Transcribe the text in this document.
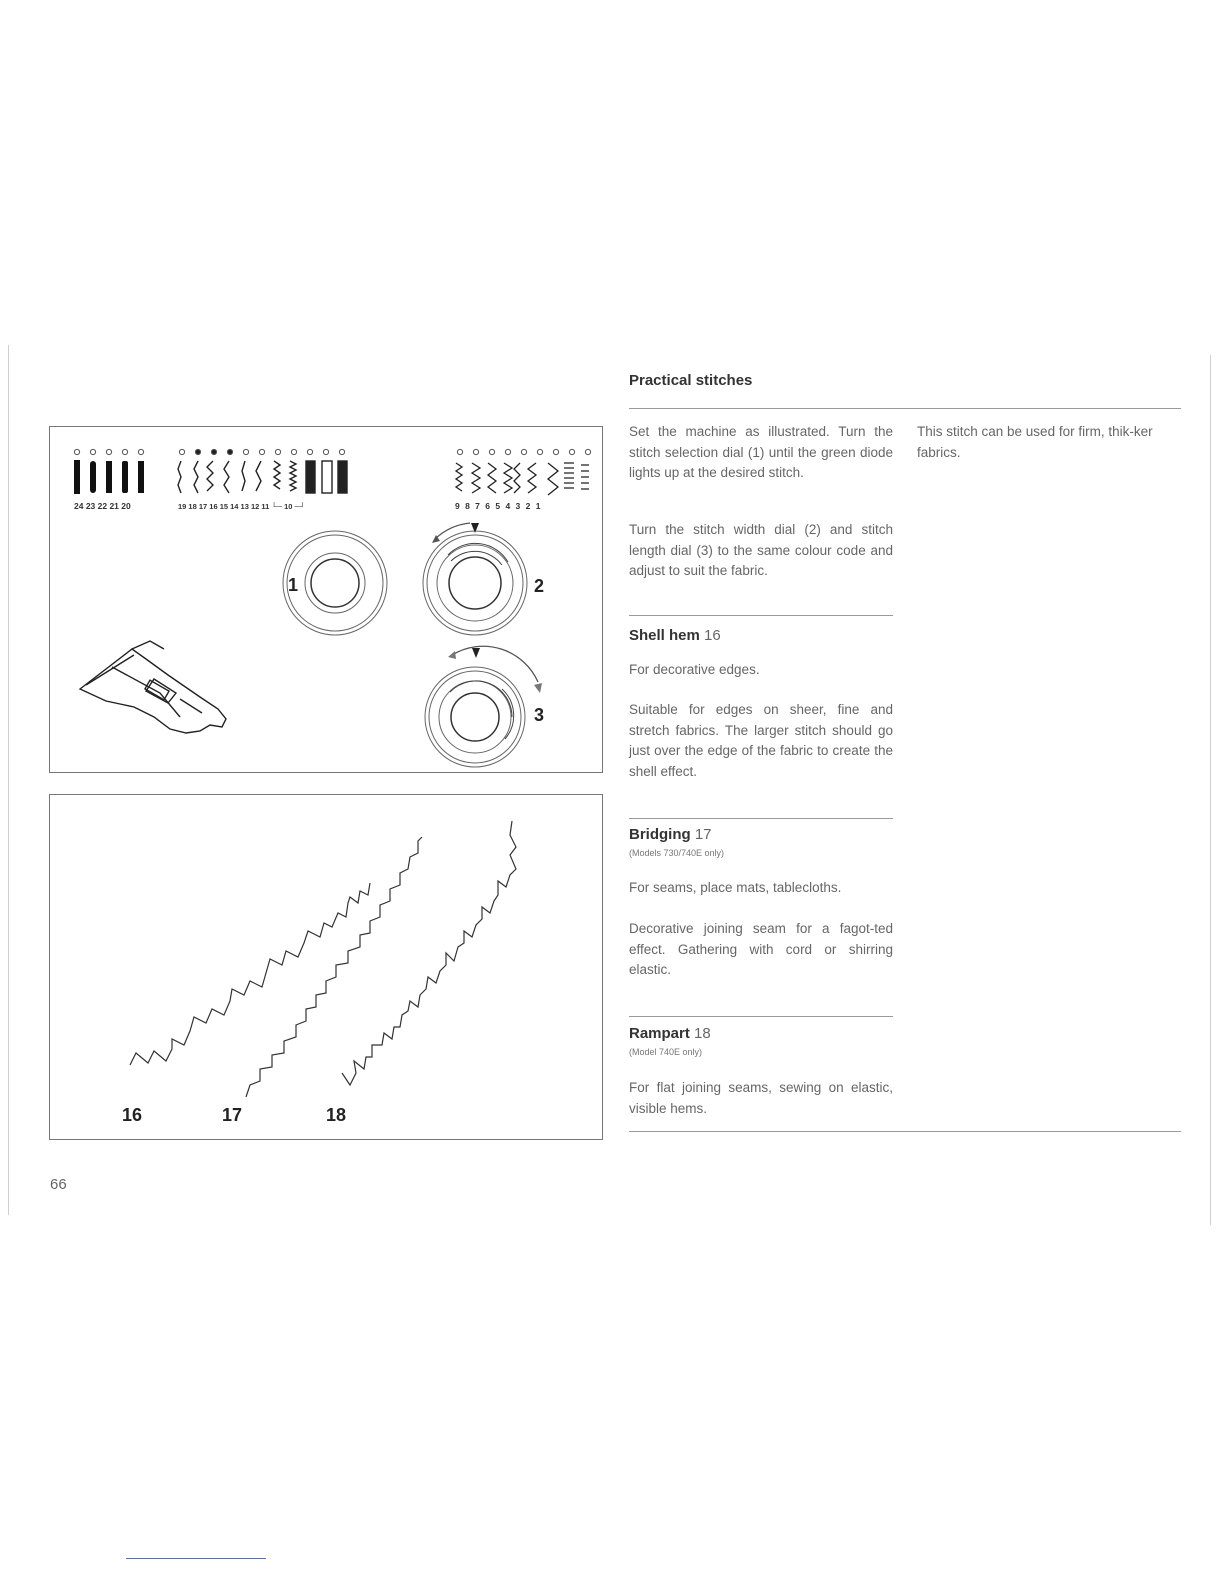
24 23 22 21 20	19 18 17 16 15 14 13 12 11 └─ 10 ─┘	9 8 7 6 5 4 3 2 1
1	2
3
16	17	18
Practical stitches
Set the machine as illustrated. Turn the stitch selection dial (1) until the green diode lights up at the desired stitch.
Turn the stitch width dial (2) and stitch length dial (3) to the same colour code and adjust to suit the fabric.
This stitch can be used for firm, thik-ker fabrics.
Shell hem 16
For decorative edges.
Suitable for edges on sheer, fine and stretch fabrics. The larger stitch should go just over the edge of the fabric to create the shell effect.
Bridging 17
(Models 730/740E only)
For seams, place mats, tablecloths.
Decorative joining seam for a fagot-ted effect. Gathering with cord or shirring elastic.
Rampart 18
(Model 740E only)
For flat joining seams, sewing on elastic, visible hems.
66
